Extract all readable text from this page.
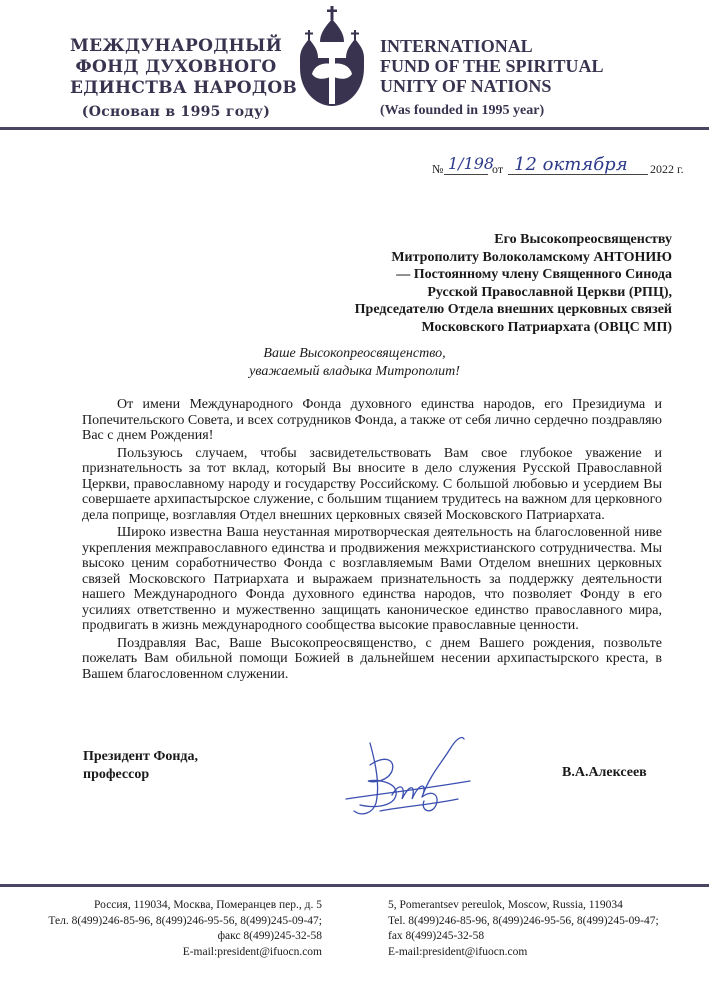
МЕЖДУНАРОДНЫЙ
ФОНД ДУХОВНОГО
ЕДИНСТВА НАРОДОВ
(Основан в 1995 году)
INTERNATIONAL
FUND OF THE SPIRITUAL
UNITY OF NATIONS
(Was founded in 1995 year)
№ 1/198
от 12 октября 2022 г.
Его Высокопреосвященству
Митрополиту Волоколамскому АНТОНИЮ
— Постоянному члену Священного Синода
Русской Православной Церкви (РПЦ),
Председателю Отдела внешних церковных связей
Московского Патриархата (ОВЦС МП)
Ваше Высокопреосвященство,
уважаемый владыка Митрополит!

От имени Международного Фонда духовного единства народов, его Президиума и Попечительского Совета, и всех сотрудников Фонда, а также от себя лично сердечно поздравляю Вас с днем Рождения!

Пользуюсь случаем, чтобы засвидетельствовать Вам свое глубокое уважение и признательность за тот вклад, который Вы вносите в дело служения Русской Православной Церкви, православному народу и государству Российскому. С большой любовью и усердием Вы совершаете архипастырское служение, с большим тщанием трудитесь на важном для церковного дела поприще, возглавляя Отдел внешних церковных связей Московского Патриархата.

Широко известна Ваша неустанная миротворческая деятельность на благословенной ниве укрепления межправославного единства и продвижения межхристианского сотрудничества. Мы высоко ценим соработничество Фонда с возглавляемым Вами Отделом внешних церковных связей Московского Патриархата и выражаем признательность за поддержку деятельности нашего Международного Фонда духовного единства народов, что позволяет Фонду в его усилиях ответственно и мужественно защищать каноническое единство православного мира, продвигать в жизнь международного сообщества высокие православные ценности.

Поздравляя Вас, Ваше Высокопреосвященство, с днем Вашего рождения, позвольте пожелать Вам обильной помощи Божией в дальнейшем несении архипастырского креста, в Вашем благословенном служении.

Президент Фонда,
профессор	В.А.Алексеев
Россия, 119034, Москва, Померанцев пер., д. 5
Тел. 8(499)246-85-96, 8(499)246-95-56, 8(499)245-09-47;
факс 8(499)245-32-58
E-mail:president@ifuocn.com
5, Pomerantsev pereulok, Moscow, Russia, 119034
Tel. 8(499)246-85-96, 8(499)246-95-56, 8(499)245-09-47;
fax 8(499)245-32-58
E-mail:president@ifuocn.com
